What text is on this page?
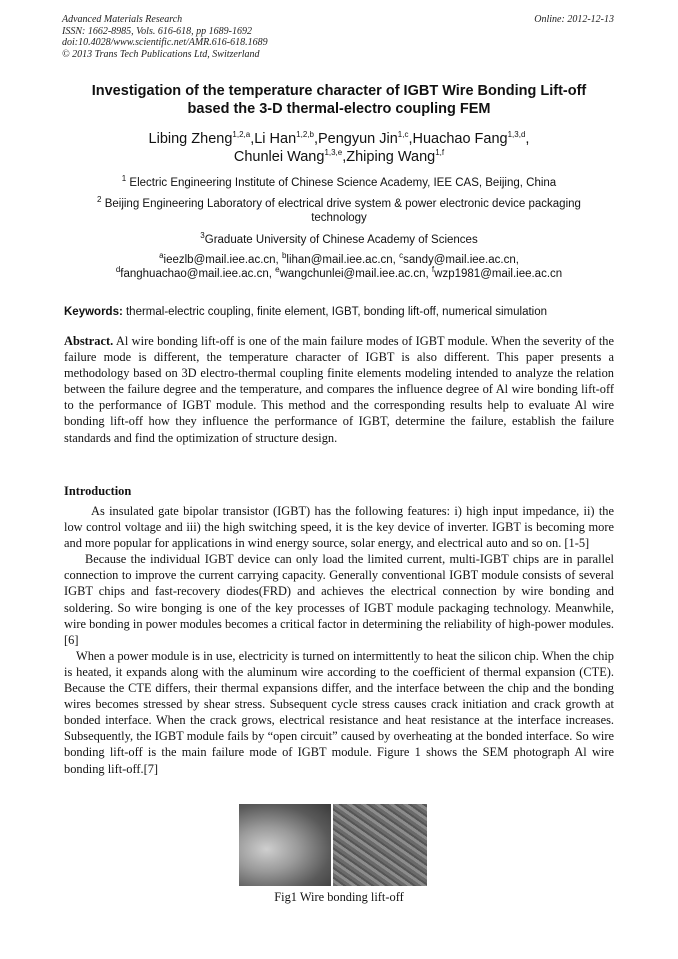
Advanced Materials Research
ISSN: 1662-8985, Vols. 616-618, pp 1689-1692
doi:10.4028/www.scientific.net/AMR.616-618.1689
© 2013 Trans Tech Publications Ltd, Switzerland
Online: 2012-12-13
Investigation of the temperature character of IGBT Wire Bonding Lift-off
based the 3-D thermal-electro coupling FEM
Libing Zheng$^{1,2,a}$,Li Han$^{1,2,b}$,Pengyun Jin$^{1,c}$,Huachao Fang$^{1,3,d}$,
Chunlei Wang$^{1,3,e}$,Zhiping Wang$^{1,f}$
$^1$ Electric Engineering Institute of Chinese Science Academy, IEE CAS, Beijing, China
$^2$ Beijing Engineering Laboratory of electrical drive system & power electronic device packaging
technology
$^3$Graduate University of Chinese Academy of Sciences
$^a$ieezlb@mail.iee.ac.cn, $^b$lihan@mail.iee.ac.cn, $^c$sandy@mail.iee.ac.cn,
$^d$fanghuachao@mail.iee.ac.cn, $^e$wangchunlei@mail.iee.ac.cn, $^f$wzp1981@mail.iee.ac.cn
Keywords: thermal-electric coupling, finite element, IGBT, bonding lift-off, numerical simulation

Abstract. Al wire bonding lift-off is one of the main failure modes of IGBT module. When the severity of the failure mode is different, the temperature character of IGBT is also different. This paper presents a methodology based on 3D electro-thermal coupling finite elements modeling intended to analyze the relation between the failure degree and the temperature, and compares the influence degree of Al wire bonding lift-off to the performance of IGBT module. This method and the corresponding results help to evaluate Al wire bonding lift-off how they influence the performance of IGBT, determine the failure, establish the failure standards and find the optimization of structure design.

Introduction

As insulated gate bipolar transistor (IGBT) has the following features: i) high input impedance, ii) the low control voltage and iii) the high switching speed, it is the key device of inverter. IGBT is becoming more and more popular for applications in wind energy source, solar energy, and electrical auto and so on. [1-5]

Because the individual IGBT device can only load the limited current, multi-IGBT chips are in parallel connection to improve the current carrying capacity. Generally conventional IGBT module consists of several IGBT chips and fast-recovery diodes(FRD) and achieves the electrical connection by wire bonding and soldering. So wire bonging is one of the key processes of IGBT module packaging technology. Meanwhile, wire bonding in power modules becomes a critical factor in determining the reliability of high-power modules. [6]

When a power module is in use, electricity is turned on intermittently to heat the silicon chip. When the chip is heated, it expands along with the aluminum wire according to the coefficient of thermal expansion (CTE). Because the CTE differs, their thermal expansions differ, and the interface between the chip and the bonding wires becomes stressed by shear stress. Subsequent cycle stress causes crack initiation and crack growth at bonded interface. When the crack grows, electrical resistance and heat resistance at the interface increases. Subsequently, the IGBT module fails by “open circuit” caused by overheating at the bonded interface. So wire bonding lift-off is the main failure mode of IGBT module. Figure 1 shows the SEM photograph Al wire bonding lift-off.[7]

Fig1 Wire bonding lift-off
